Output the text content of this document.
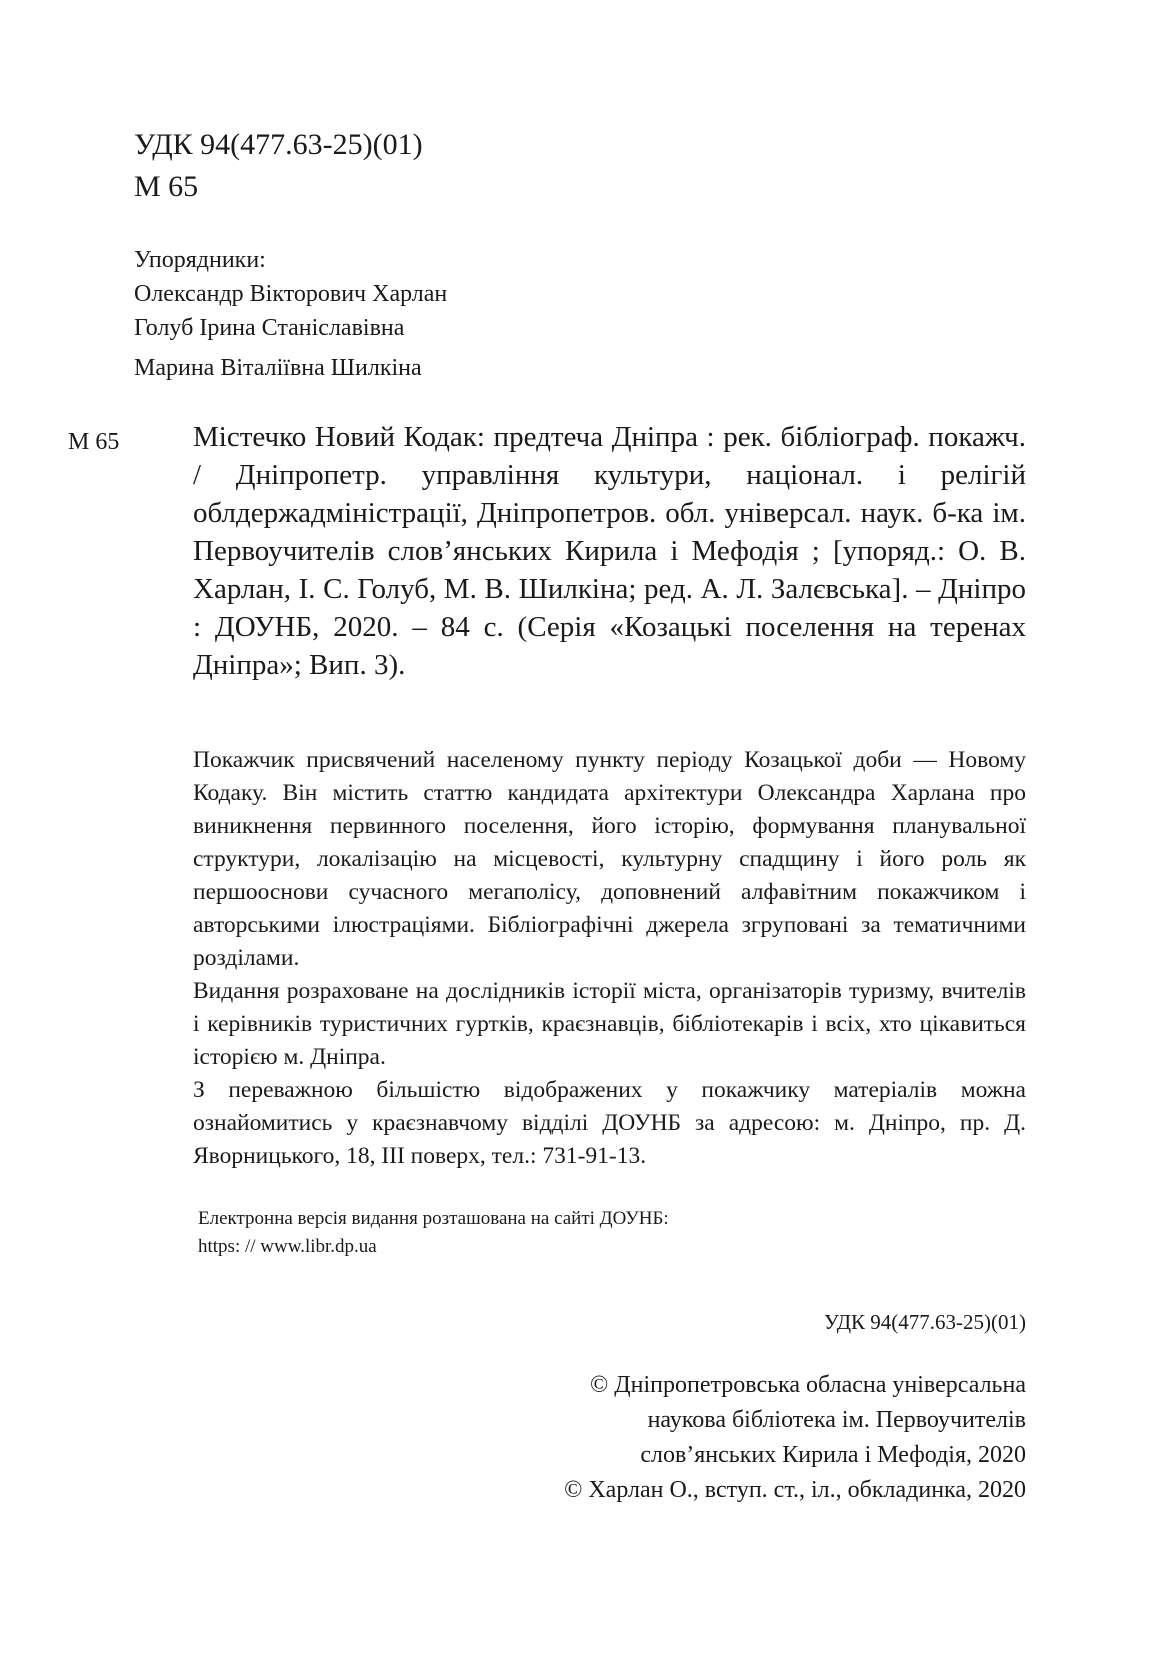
УДК 94(477.63-25)(01)
М 65
Упорядники:
Олександр Вікторович Харлан
Голуб Ірина Станіславівна
Марина Віталіївна Шилкіна
М 65	Містечко Новий Кодак: предтеча Дніпра : рек. бібліограф. покажч. / Дніпропетр. управління культури, націонал. і релігій облдержадміністрації, Дніпропетров. обл. універсал. наук. б-ка ім. Первоучителів слов’янських Кирила і Мефодія ; [упоряд.: О. В. Харлан, І. С. Голуб, М. В. Шилкіна; ред. А. Л. Залєвська]. – Дніпро : ДОУНБ, 2020. – 84 с. (Серія «Козацькі поселення на теренах Дніпра»; Вип. 3).

Покажчик присвячений населеному пункту періоду Козацької доби — Новому Кодаку. Він містить статтю кандидата архітектури Олександра Харлана про виникнення первинного поселення, його історію, формування планувальної структури, локалізацію на місцевості, культурну спадщину і його роль як першооснови сучасного мегаполісу, доповнений алфавітним покажчиком і авторськими ілюстраціями. Бібліографічні джерела згруповані за тематичними розділами.

Видання розраховане на дослідників історії міста, організаторів туризму, вчителів і керівників туристичних гуртків, краєзнавців, бібліотекарів і всіх, хто цікавиться історією м. Дніпра.

З переважною більшістю відображених у покажчику матеріалів можна ознайомитись у краєзнавчому відділі ДОУНБ за адресою: м. Дніпро, пр. Д. Яворницького, 18, ІІІ поверх, тел.: 731-91-13.

Електронна версія видання розташована на сайті ДОУНБ:
https: // www.libr.dp.ua
УДК 94(477.63-25)(01)
© Дніпропетровська обласна універсальна
наукова бібліотека ім. Первоучителів
слов’янських Кирила і Мефодія, 2020
© Харлан О., вступ. ст., іл., обкладинка, 2020
